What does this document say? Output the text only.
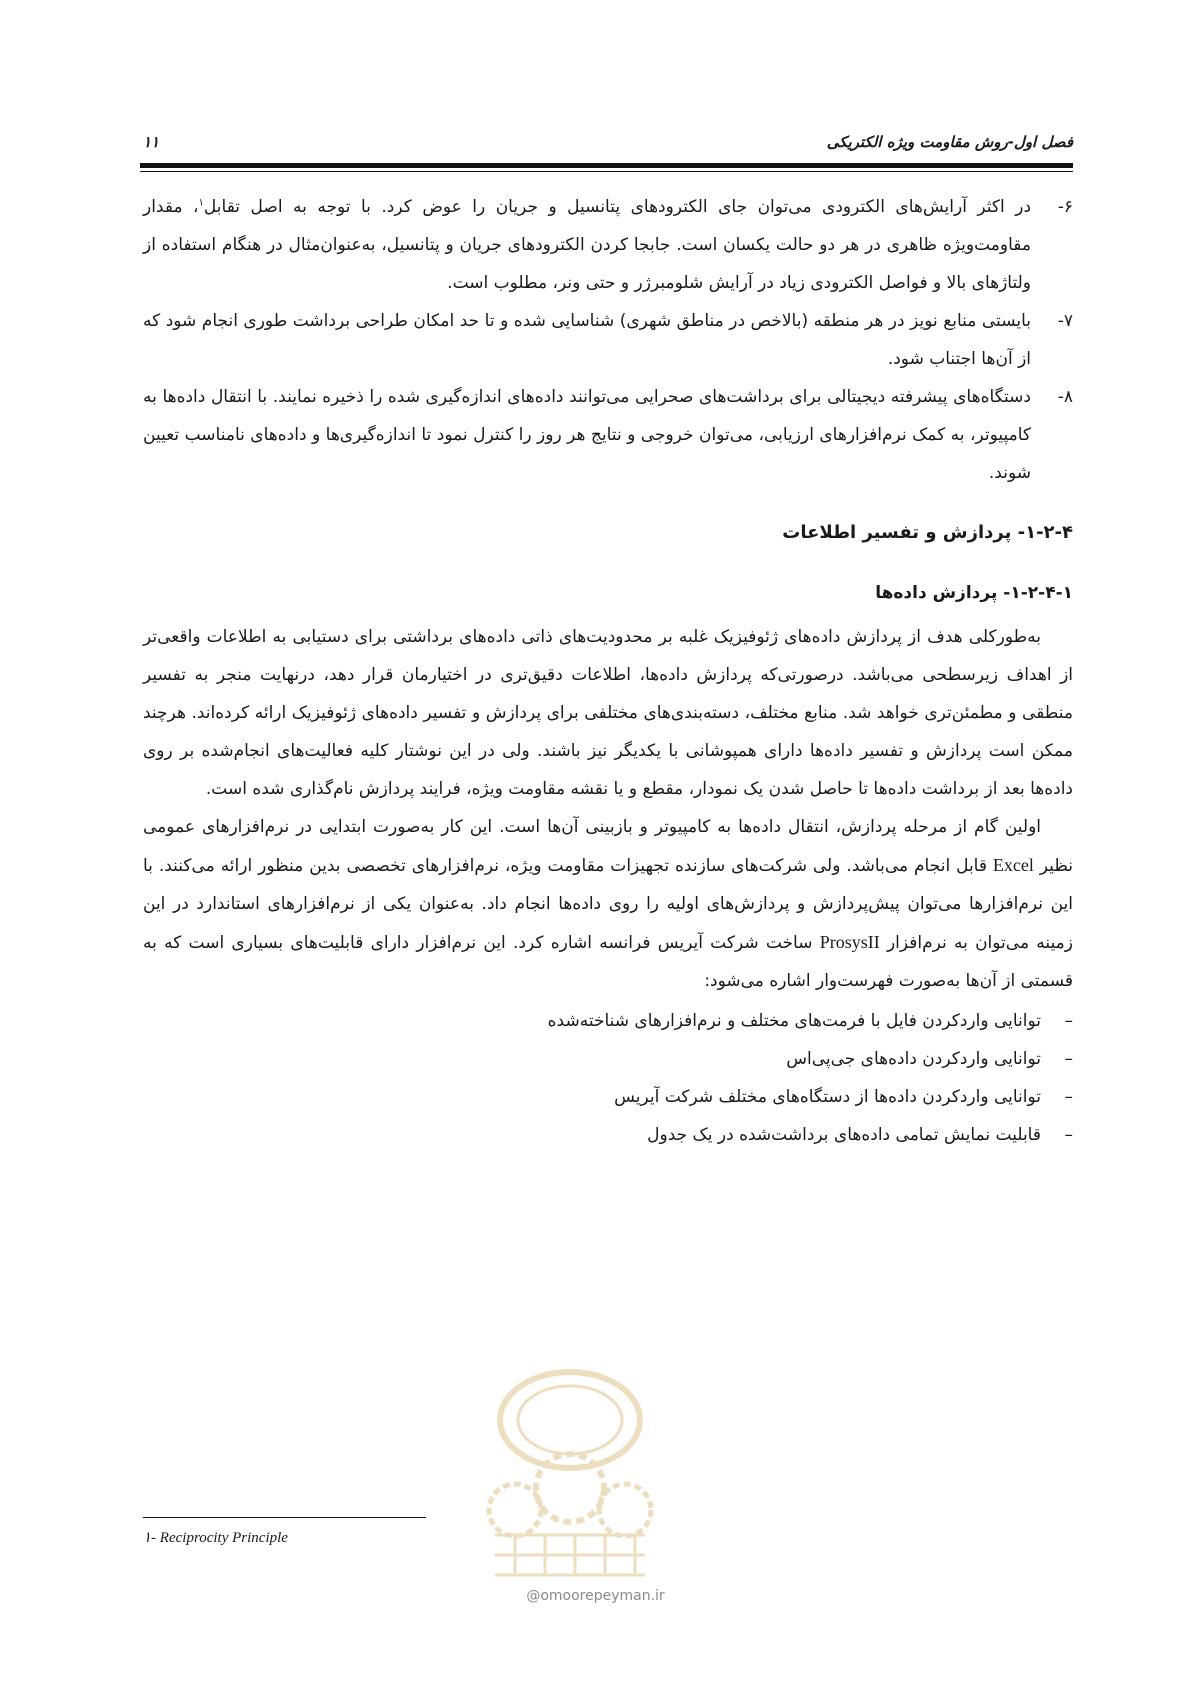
فصل اول-روش مقاومت ویژه الکتریکی
۱۱
۶-

در اکثر آرایش‌های الکترودی می‌توان جای الکترودهای پتانسیل و جریان را عوض کرد. با توجه به اصل تقابل$^۱$، مقدار مقاومت‌ویژه ظاهری در هر دو حالت یکسان است. جابجا کردن الکترودهای جریان و پتانسیل، به‌عنوان‌مثال در هنگام استفاده از ولتاژهای بالا و فواصل الکترودی زیاد در آرایش شلومبرژر و حتی ونر، مطلوب است.

۷-

بایستی منابع نویز در هر منطقه (بالاخص در مناطق شهری) شناسایی شده و تا حد امکان طراحی برداشت طوری انجام شود که از آن‌ها اجتناب شود.

۸-

دستگاه‌های پیشرفته دیجیتالی برای برداشت‌های صحرایی می‌توانند داده‌های اندازه‌گیری شده را ذخیره نمایند. با انتقال داده‌ها به کامپیوتر، به کمک نرم‌افزارهای ارزیابی، می‌توان خروجی و نتایج هر روز را کنترل نمود تا اندازه‌گیری‌ها و داده‌های نامناسب تعیین شوند.

۱-۲-۴- پردازش و تفسیر اطلاعات
۱-۲-۴-۱- پردازش داده‌ها

به‌طورکلی هدف از پردازش داده‌های ژئوفیزیک غلبه بر محدودیت‌های ذاتی داده‌های برداشتی برای دستیابی به اطلاعات واقعی‌تر از اهداف زیرسطحی می‌باشد. درصورتی‌که پردازش داده‌ها، اطلاعات دقیق‌تری در اختیارمان قرار دهد، درنهایت منجر به تفسیر منطقی و مطمئن‌تری خواهد شد. منابع مختلف، دسته‌بندی‌های مختلفی برای پردازش و تفسیر داده‌های ژئوفیزیک ارائه کرده‌اند. هرچند ممکن است پردازش و تفسیر داده‌ها دارای همپوشانی با یکدیگر نیز باشند. ولی در این نوشتار کلیه فعالیت‌های انجام‌شده بر روی داده‌ها بعد از برداشت داده‌ها تا حاصل شدن یک نمودار، مقطع و یا نقشه مقاومت ویژه، فرایند پردازش نام‌گذاری شده است.

اولین گام از مرحله پردازش، انتقال داده‌ها به کامپیوتر و بازبینی آن‌ها است. این کار به‌صورت ابتدایی در نرم‌افزارهای عمومی نظیر Excel قابل انجام می‌باشد. ولی شرکت‌های سازنده تجهیزات مقاومت ویژه، نرم‌افزارهای تخصصی بدین منظور ارائه می‌کنند. با این نرم‌افزارها می‌توان پیش‌پردازش و پردازش‌های اولیه را روی داده‌ها انجام داد. به‌عنوان یکی از نرم‌افزارهای استاندارد در این زمینه می‌توان به نرم‌افزار ProsysII ساخت شرکت آیریس فرانسه اشاره کرد. این نرم‌افزار دارای قابلیت‌های بسیاری است که به قسمتی از آن‌ها به‌صورت فهرست‌وار اشاره می‌شود:

–
توانایی واردکردن فایل با فرمت‌های مختلف و نرم‌افزارهای شناخته‌شده
–
توانایی واردکردن داده‌های جی‌پی‌اس
–
توانایی واردکردن داده‌ها از دستگاه‌های مختلف شرکت آیریس
–
قابلیت نمایش تمامی داده‌های برداشت‌شده در یک جدول
۱- Reciprocity Principle
@omoorepeyman.ir
